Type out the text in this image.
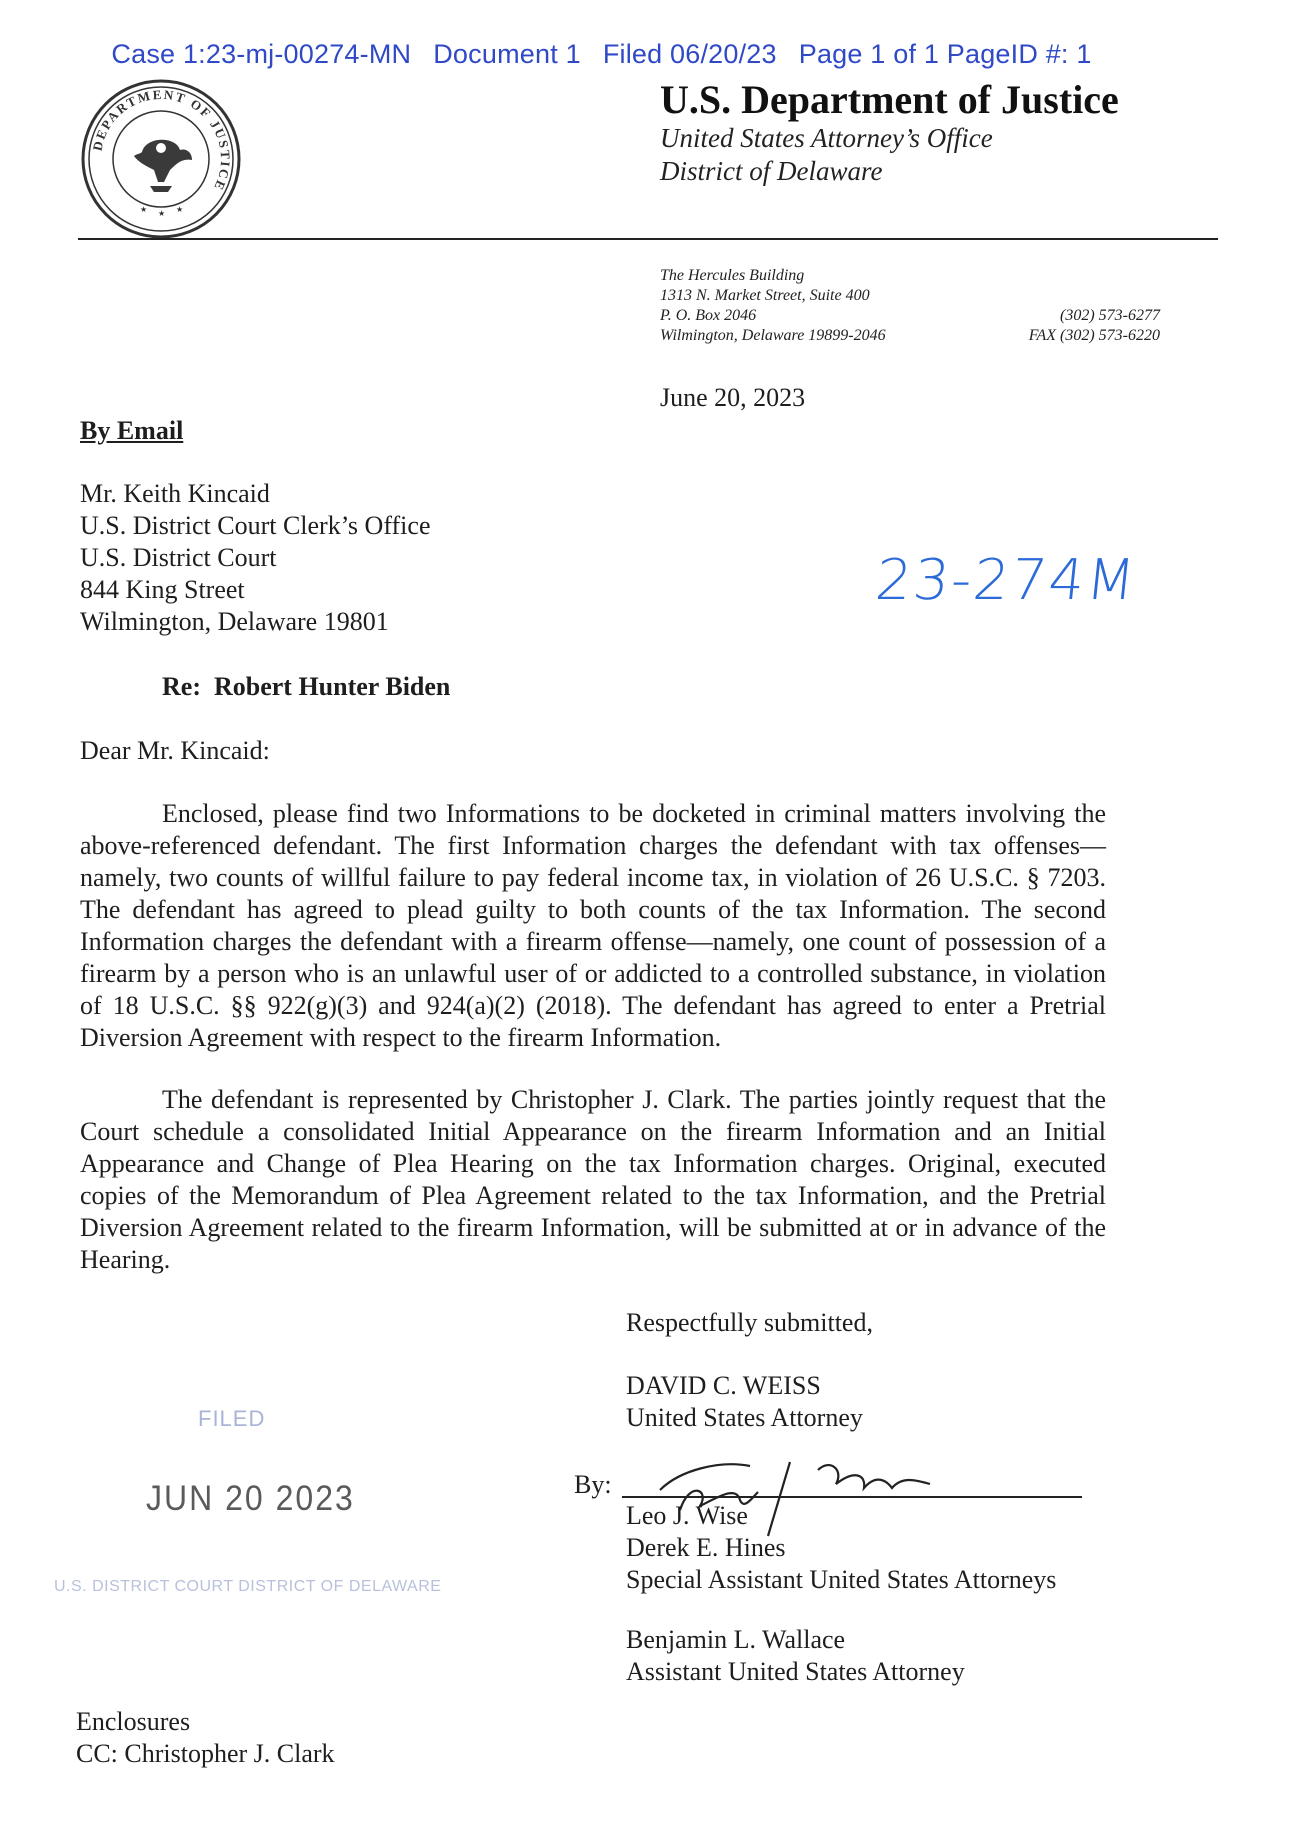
Case 1:23-mj-00274-MN Document 1 Filed 06/20/23 Page 1 of 1 PageID #: 1

DEPARTMENT OF JUSTICE
★ ★ ★
U.S. Department of Justice
United States Attorney’s Office
District of Delaware
The Hercules Building
1313 N. Market Street, Suite 400
P. O. Box 2046
Wilmington, Delaware 19899-2046
(302) 573-6277
FAX (302) 573-6220
June 20, 2023
By Email
Mr. Keith Kincaid
U.S. District Court Clerk’s Office
U.S. District Court
844 King Street
Wilmington, Delaware 19801
23-274M
Re:  Robert Hunter Biden
Dear Mr. Kincaid:

Enclosed, please find two Informations to be docketed in criminal matters involving the above-referenced defendant. The first Information charges the defendant with tax offenses—namely, two counts of willful failure to pay federal income tax, in violation of 26 U.S.C. § 7203. The defendant has agreed to plead guilty to both counts of the tax Information. The second Information charges the defendant with a firearm offense—namely, one count of possession of a firearm by a person who is an unlawful user of or addicted to a controlled substance, in violation of 18 U.S.C. §§ 922(g)(3) and 924(a)(2) (2018). The defendant has agreed to enter a Pretrial Diversion Agreement with respect to the firearm Information.

The defendant is represented by Christopher J. Clark. The parties jointly request that the Court schedule a consolidated Initial Appearance on the firearm Information and an Initial Appearance and Change of Plea Hearing on the tax Information charges. Original, executed copies of the Memorandum of Plea Agreement related to the tax Information, and the Pretrial Diversion Agreement related to the firearm Information, will be submitted at or in advance of the Hearing.

Respectfully submitted,
DAVID C. WEISS
United States Attorney
By:
Leo J. Wise
Derek E. Hines
Special Assistant United States Attorneys
Benjamin L. Wallace
Assistant United States Attorney
FILED
JUN 20 2023
U.S. DISTRICT COURT DISTRICT OF DELAWARE
Enclosures
CC: Christopher J. Clark
